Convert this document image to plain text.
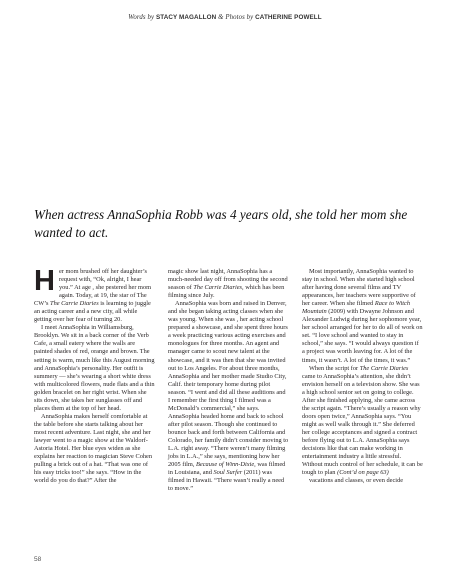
Words by STACY MAGALLON & Photos by CATHERINE POWELL
When actress AnnaSophia Robb was 4 years old, she told her mom she wanted to act.
H er mom brushed off her daughter’s request with, “Ok, alright, I hear you.” At age , she pestered her mom again. Today, at 19, the star of The CW’s The Carrie Diaries is learning to juggle an acting career and a new city, all while getting over her fear of turning 20.

I meet AnnaSophia in Williamsburg, Brooklyn. We sit in a back corner of the Verb Cafe, a small eatery where the walls are painted shades of red, orange and brown. The setting is warm, much like this August morning and AnnaSophia’s personality. Her outfit is summery — she’s wearing a short white dress with multicolored flowers, nude flats and a thin golden bracelet on her right wrist. When she sits down, she takes her sunglasses off and places them at the top of her head.

AnnaSophia makes herself comfortable at the table before she starts talking about her most recent adventure. Last night, she and her lawyer went to a magic show at the Waldorf-Astoria Hotel. Her blue eyes widen as she explains her reaction to magician Steve Cohen pulling a brick out of a hat. “That was one of his easy tricks too!” she says. “How in the world do you do that?” After the

magic show last night, AnnaSophia has a much-needed day off from shooting the second season of The Carrie Diaries, which has been filming since July.

AnnaSophia was born and raised in Denver, and she began taking acting classes when she was young. When she was , her acting school prepared a showcase, and she spent three hours a week practicing various acting exercises and monologues for three months. An agent and manager came to scout new talent at the showcase, and it was then that she was invited out to Los Angeles. For about three months, AnnaSophia and her mother made Studio City, Calif. their temporary home during pilot season. “I went and did all these auditions and I remember the first thing I filmed was a McDonald’s commercial,” she says. AnnaSophia headed home and back to school after pilot season. Though she continued to bounce back and forth between California and Colorado, her family didn’t consider moving to L.A. right away. “There weren’t many filming jobs in L.A.,” she says, mentioning how her 2005 film, Because of Winn-Dixie, was filmed in Louisiana, and Soul Surfer (2011) was filmed in Hawaii. “There wasn’t really a need to move.”

Most importantly, AnnaSophia wanted to stay in school. When she started high school after having done several films and TV appearances, her teachers were supportive of her career. When she filmed Race to Witch Mountain (2009) with Dwayne Johnson and Alexander Ludwig during her sophomore year, her school arranged for her to do all of work on set. “I love school and wanted to stay in school,” she says. “I would always question if a project was worth leaving for. A lot of the times, it wasn’t. A lot of the times, it was.”

When the script for The Carrie Diaries came to AnnaSophia’s attention, she didn’t envision herself on a television show. She was a high school senior set on going to college. After she finished applying, she came across the script again. “There’s usually a reason why doors open twice,” AnnaSophia says. “You might as well walk through it.” She deferred her college acceptances and signed a contract before flying out to L.A. AnnaSophia says decisions like that can make working in entertainment industry a little stressful. Without much control of her schedule, it can be tough to plan (Cont’d on page 63)

vacations and classes, or even decide

58
